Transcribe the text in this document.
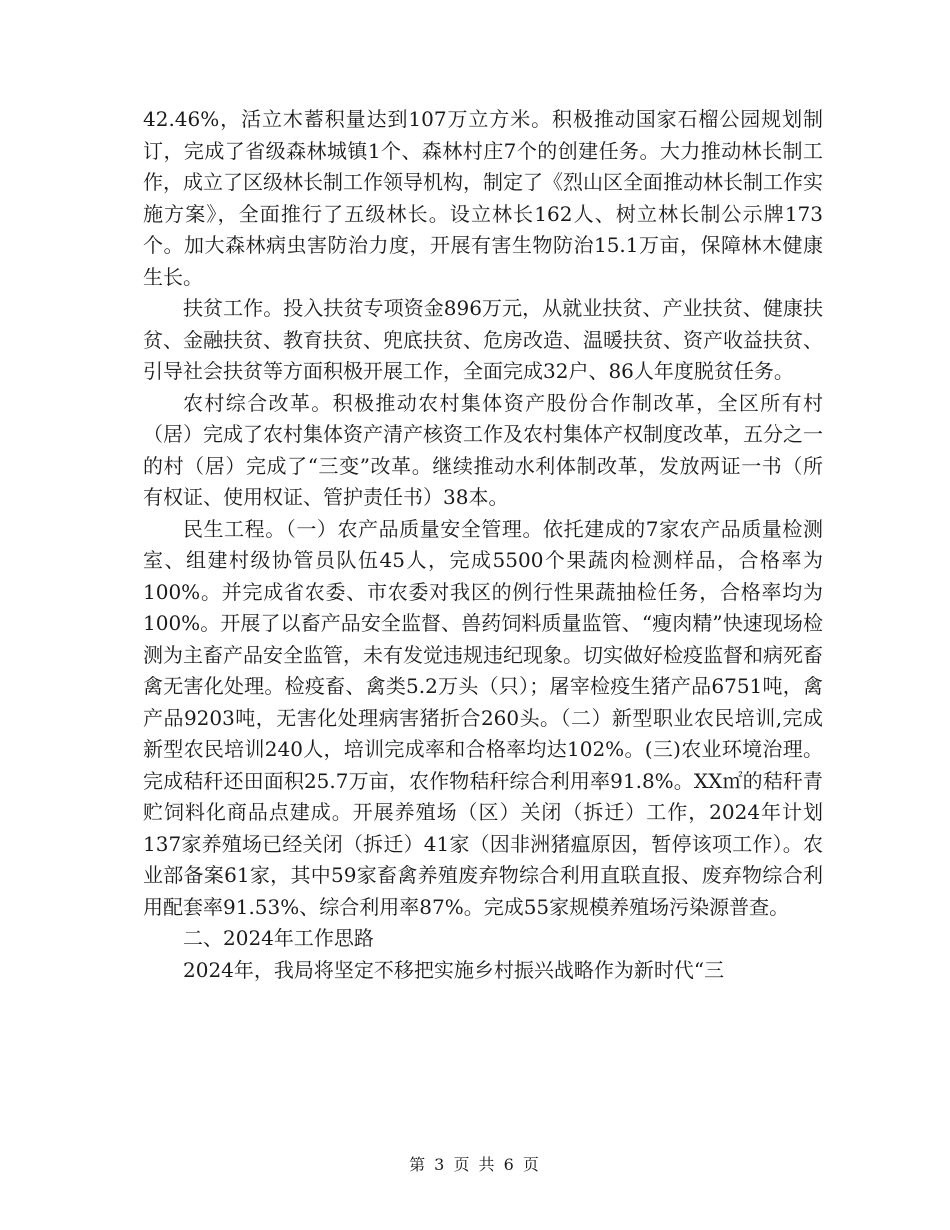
42.46%，活立木蓄积量达到107万立方米。积极推动国家石榴公园规划制订，完成了省级森林城镇1个、森林村庄7个的创建任务。大力推动林长制工作，成立了区级林长制工作领导机构，制定了《烈山区全面推动林长制工作实施方案》，全面推行了五级林长。设立林长162人、树立林长制公示牌173个。加大森林病虫害防治力度，开展有害生物防治15.1万亩，保障林木健康生长。

扶贫工作。投入扶贫专项资金896万元，从就业扶贫、产业扶贫、健康扶贫、金融扶贫、教育扶贫、兜底扶贫、危房改造、温暖扶贫、资产收益扶贫、引导社会扶贫等方面积极开展工作，全面完成32户、86人年度脱贫任务。

农村综合改革。积极推动农村集体资产股份合作制改革，全区所有村（居）完成了农村集体资产清产核资工作及农村集体产权制度改革，五分之一的村（居）完成了“三变”改革。继续推动水利体制改革，发放两证一书（所有权证、使用权证、管护责任书）38本。

民生工程。（一）农产品质量安全管理。依托建成的7家农产品质量检测室、组建村级协管员队伍45人，完成5500个果蔬肉检测样品，合格率为100%。并完成省农委、市农委对我区的例行性果蔬抽检任务，合格率均为100%。开展了以畜产品安全监督、兽药饲料质量监管、“瘦肉精”快速现场检测为主畜产品安全监管，未有发觉违规违纪现象。切实做好检疫监督和病死畜禽无害化处理。检疫畜、禽类5.2万头（只）；屠宰检疫生猪产品6751吨，禽产品9203吨，无害化处理病害猪折合260头。（二）新型职业农民培训,完成新型农民培训240人，培训完成率和合格率均达102%。(三)农业环境治理。完成秸秆还田面积25.7万亩，农作物秸秆综合利用率91.8%。XX㎡的秸秆青贮饲料化商品点建成。开展养殖场（区）关闭（拆迁）工作，2024年计划137家养殖场已经关闭（拆迁）41家（因非洲猪瘟原因，暂停该项工作）。农业部备案61家，其中59家畜禽养殖废弃物综合利用直联直报、废弃物综合利用配套率91.53%、综合利用率87%。完成55家规模养殖场污染源普查。

二、2024年工作思路

2024年，我局将坚定不移把实施乡村振兴战略作为新时代“三

第 3 页 共 6 页
